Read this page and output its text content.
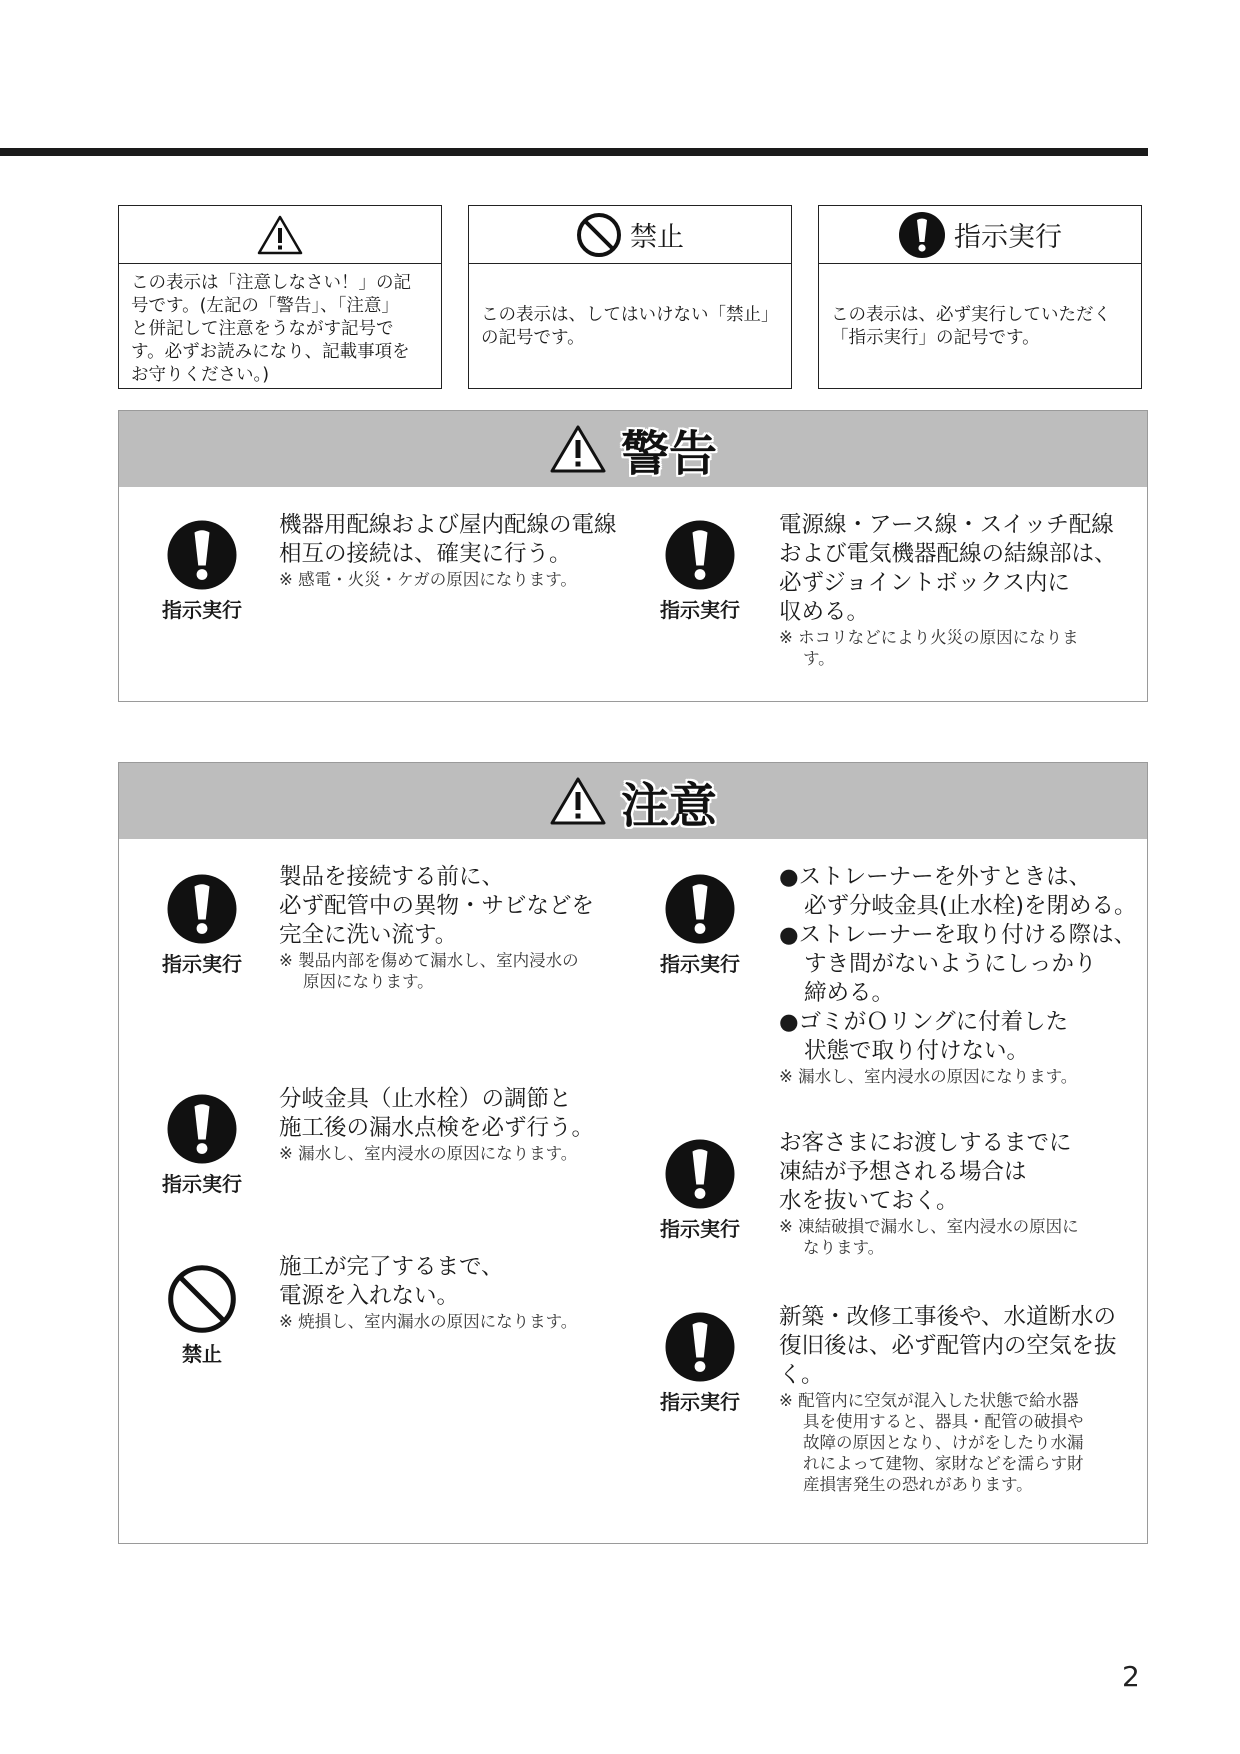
この表示は「注意しなさい！」の記
号です。(左記の「警告」、「注意」
と併記して注意をうながす記号で
す。必ずお読みになり、記載事項を
お守りください。)
禁止
この表示は、してはいけない「禁止」
の記号です。
指示実行
この表示は、必ず実行していただく
「指示実行」の記号です。
警告
指示実行
機器用配線および屋内配線の電線
相互の接続は、確実に行う。
※ 感電・火災・ケガの原因になります。
指示実行
電源線・アース線・スイッチ配線
および電気機器配線の結線部は、
必ずジョイントボックス内に
収める。
※ ホコリなどにより火災の原因になりま
す。
注意
指示実行
製品を接続する前に、
必ず配管中の異物・サビなどを
完全に洗い流す。
※ 製品内部を傷めて漏水し、室内浸水の
原因になります。
指示実行
分岐金具（止水栓）の調節と
施工後の漏水点検を必ず行う。
※ 漏水し、室内浸水の原因になります。
禁止
施工が完了するまで、
電源を入れない。
※ 焼損し、室内漏水の原因になります。
指示実行
●ストレーナーを外すときは、
必ず分岐金具(止水栓)を閉める。
●ストレーナーを取り付ける際は、
すき間がないようにしっかり
締める。
●ゴミがＯリングに付着した
状態で取り付けない。
※ 漏水し、室内浸水の原因になります。
指示実行
お客さまにお渡しするまでに
凍結が予想される場合は
水を抜いておく。
※ 凍結破損で漏水し、室内浸水の原因に
なります。
指示実行
新築・改修工事後や、水道断水の
復旧後は、必ず配管内の空気を抜
く。
※ 配管内に空気が混入した状態で給水器
具を使用すると、器具・配管の破損や
故障の原因となり、けがをしたり水漏
れによって建物、家財などを濡らす財
産損害発生の恐れがあります。
2
